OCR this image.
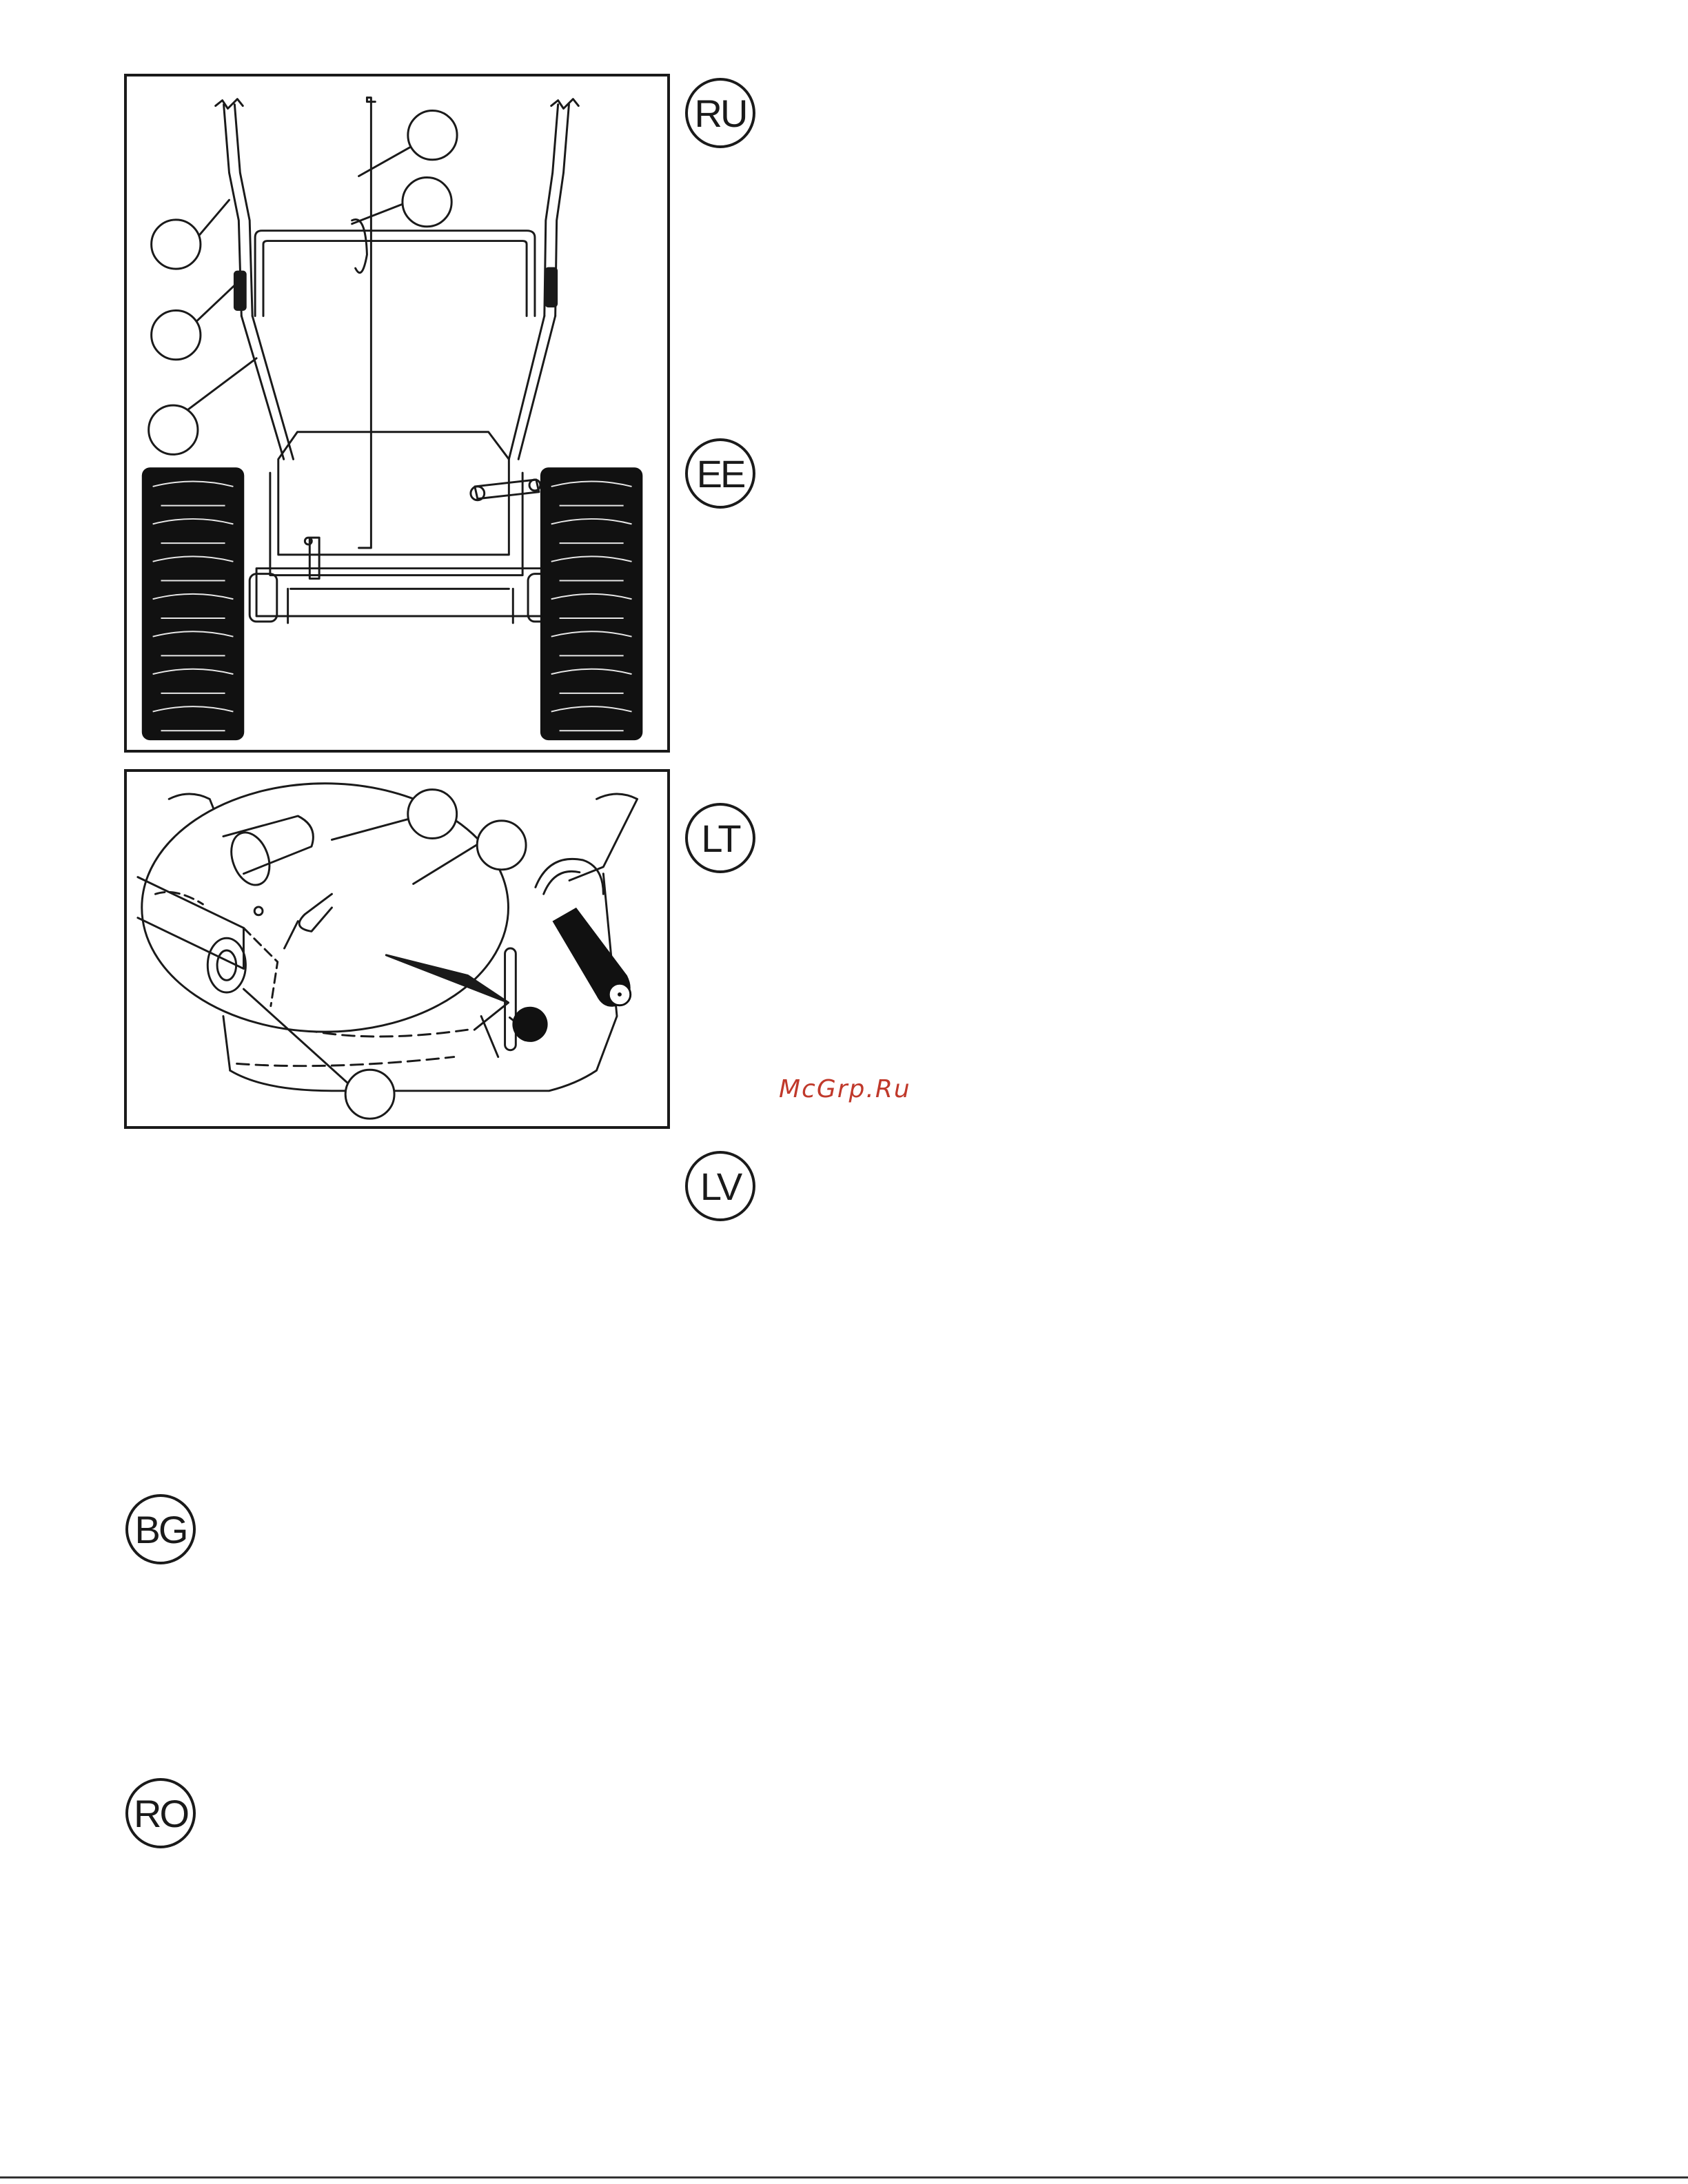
RU
EE
LT
LV
BG
RO
McGrp.Ru
